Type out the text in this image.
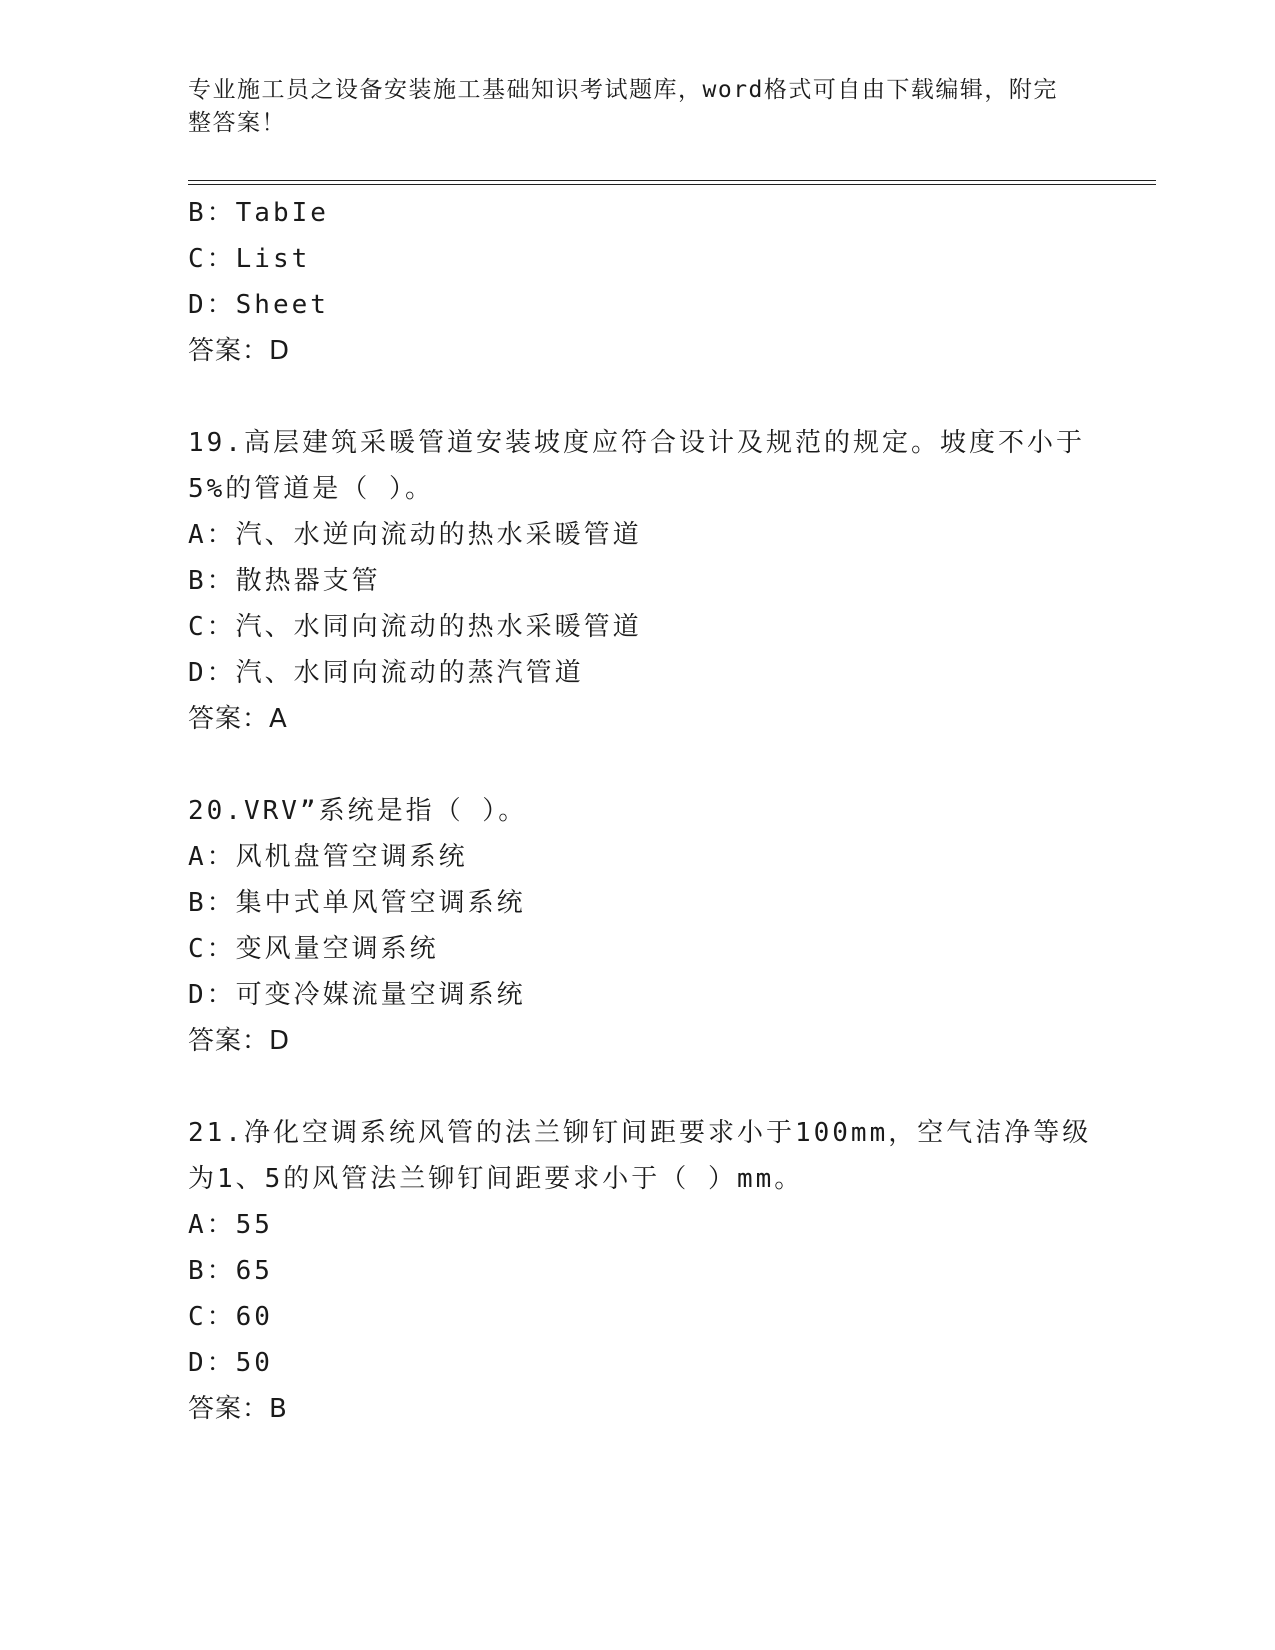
专业施工员之设备安装施工基础知识考试题库，word格式可自由下载编辑，附完
整答案！
B：TabIe
C：List
D：Sheet
答案：D
19.高层建筑采暖管道安装坡度应符合设计及规范的规定。坡度不小于
5%的管道是（ ）。
A：汽、水逆向流动的热水采暖管道
B：散热器支管
C：汽、水同向流动的热水采暖管道
D：汽、水同向流动的蒸汽管道
答案：A
20.VRV”系统是指（ ）。
A：风机盘管空调系统
B：集中式单风管空调系统
C：变风量空调系统
D：可变冷媒流量空调系统
答案：D
21.净化空调系统风管的法兰铆钉间距要求小于100mm，空气洁净等级
为1、5的风管法兰铆钉间距要求小于（ ）mm。
A：55
B：65
C：60
D：50
答案：B
